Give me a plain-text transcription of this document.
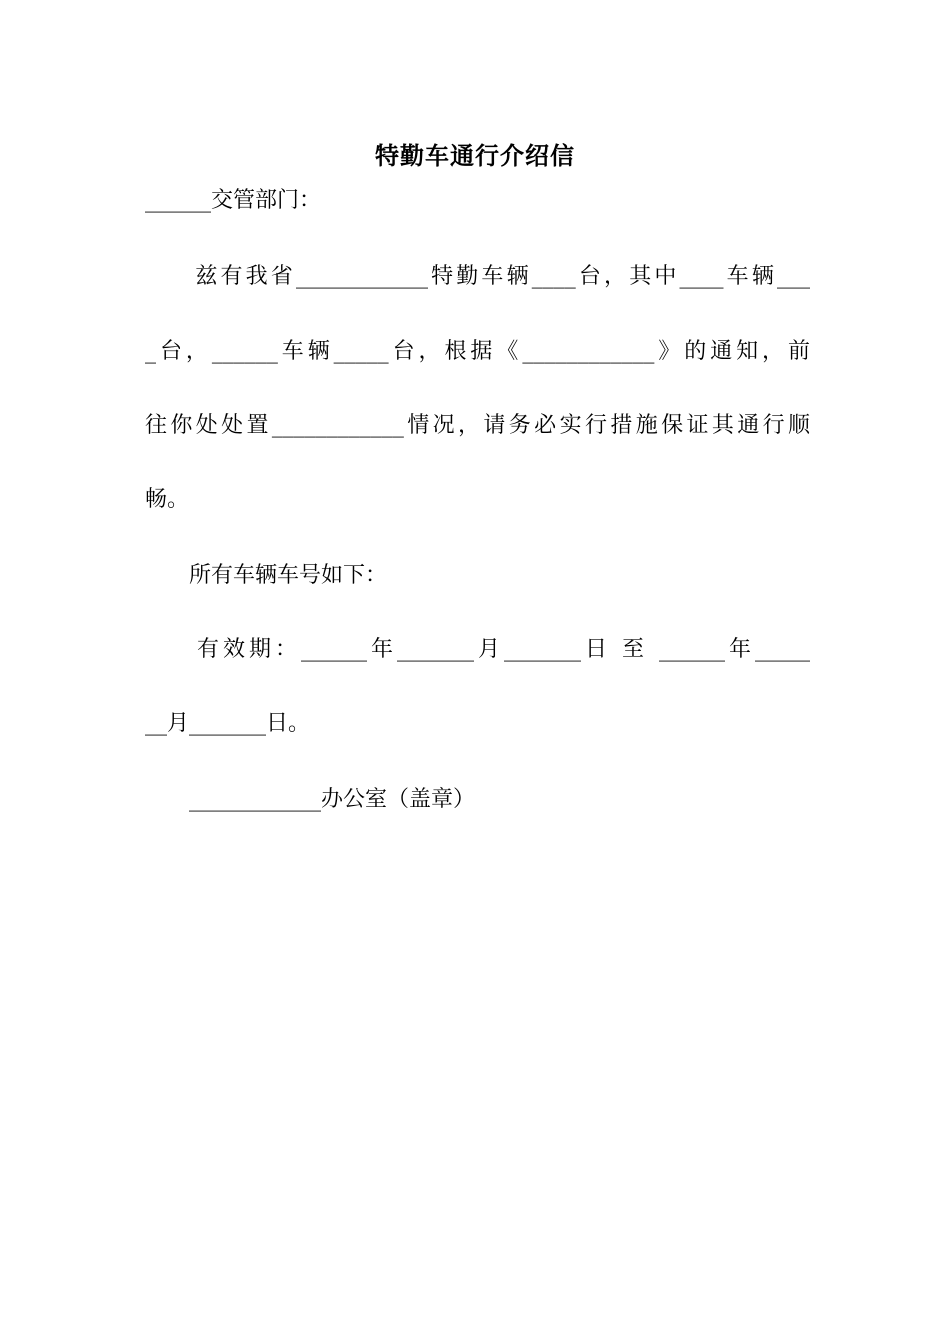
特勤车通行介绍信
______交管部门：
　　兹有我省____________特勤车辆____台，其中____车辆___
_台，______车辆_____台，根据《____________》的通知，前
往你处处置____________情况，请务必实行措施保证其通行顺
畅。
　　所有车辆车号如下：
　　有效期：______年_______月_______日 至 ______年_____
__月_______日。
　　____________办公室（盖章）
